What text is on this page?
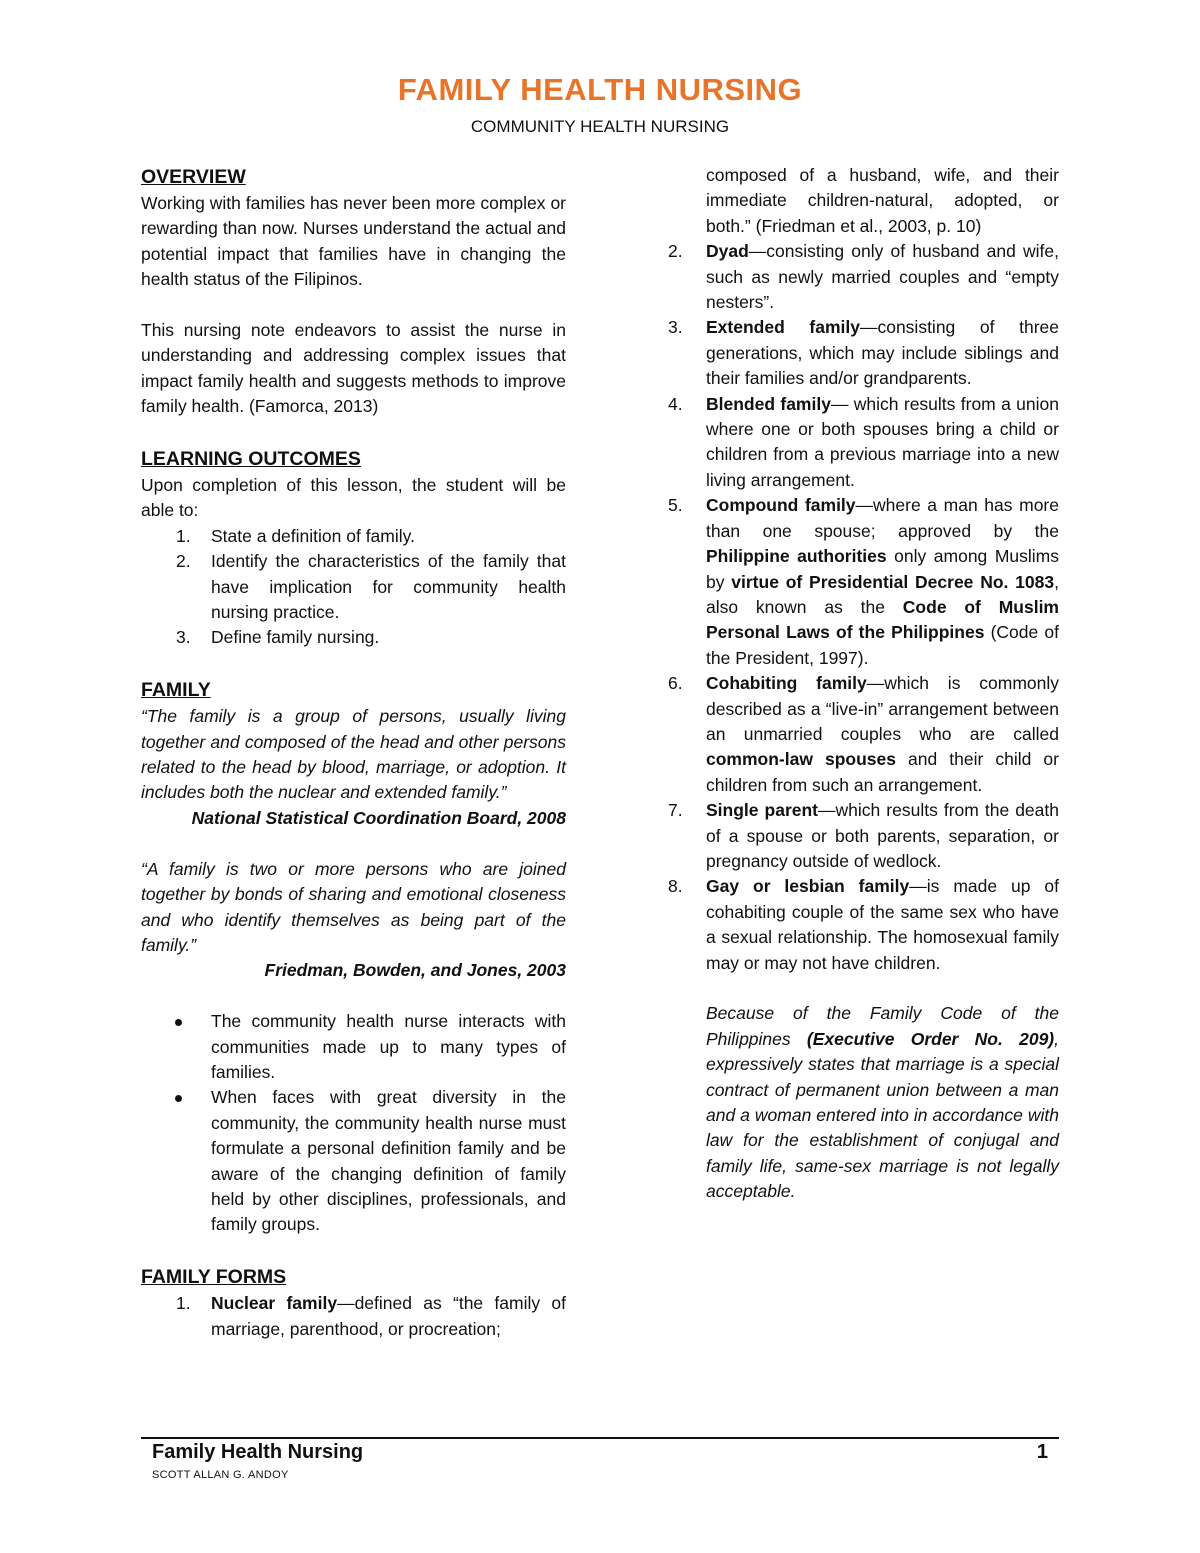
FAMILY HEALTH NURSING

COMMUNITY HEALTH NURSING

OVERVIEW

Working with families has never been more complex or rewarding than now. Nurses understand the actual and potential impact that families have in changing the health status of the Filipinos.

This nursing note endeavors to assist the nurse in understanding and addressing complex issues that impact family health and suggests methods to improve family health. (Famorca, 2013)

LEARNING OUTCOMES

Upon completion of this lesson, the student will be able to:

1.	State a definition of family.
2.	Identify the characteristics of the family that have implication for community health nursing practice.
3.	Define family nursing.
FAMILY

“The family is a group of persons, usually living together and composed of the head and other persons related to the head by blood, marriage, or adoption. It includes both the nuclear and extended family.”

National Statistical Coordination Board, 2008

“A family is two or more persons who are joined together by bonds of sharing and emotional closeness and who identify themselves as being part of the family.”

Friedman, Bowden, and Jones, 2003

The community health nurse interacts with communities made up to many types of families.
When faces with great diversity in the community, the community health nurse must formulate a personal definition family and be aware of the changing definition of family held by other disciplines, professionals, and family groups.
FAMILY FORMS
1.	Nuclear family—defined as “the family of marriage, parenthood, or procreation;
composed of a husband, wife, and their immediate children-natural, adopted, or both.” (Friedman et al., 2003, p. 10)
2.	Dyad—consisting only of husband and wife, such as newly married couples and “empty nesters”.
3.	Extended family—consisting of three generations, which may include siblings and their families and/or grandparents.
4.	Blended family— which results from a union where one or both spouses bring a child or children from a previous marriage into a new living arrangement.
5.	Compound family—where a man has more than one spouse; approved by the Philippine authorities only among Muslims by virtue of Presidential Decree No. 1083, also known as the Code of Muslim Personal Laws of the Philippines (Code of the President, 1997).
6.	Cohabiting family—which is commonly described as a “live-in” arrangement between an unmarried couples who are called common-law spouses and their child or children from such an arrangement.
7.	Single parent—which results from the death of a spouse or both parents, separation, or pregnancy outside of wedlock.
8.	Gay or lesbian family—is made up of cohabiting couple of the same sex who have a sexual relationship. The homosexual family may or may not have children.

Because of the Family Code of the Philippines (Executive Order No. 209), expressively states that marriage is a special contract of permanent union between a man and a woman entered into in accordance with law for the establishment of conjugal and family life, same-sex marriage is not legally acceptable.

Family Health Nursing	1

SCOTT ALLAN G. ANDOY
